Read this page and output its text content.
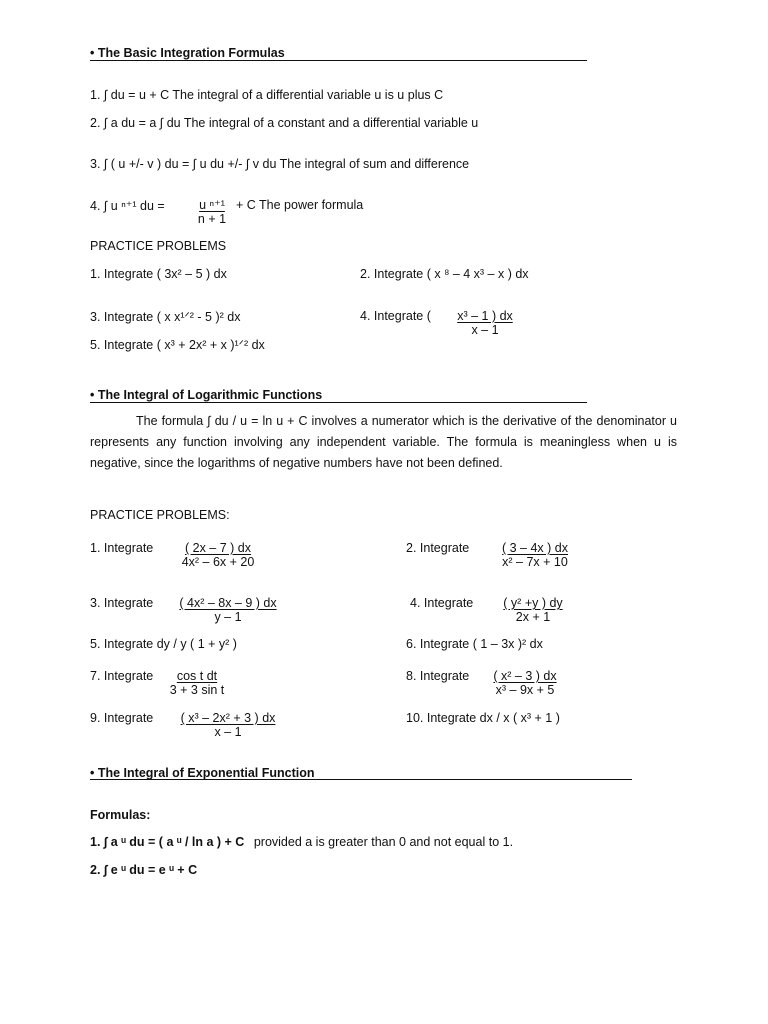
• The Basic Integration Formulas
1. ∫ du = u + C The integral of a differential variable u is u plus C
2. ∫ a du = a ∫ du The integral of a constant and a differential variable u
3. ∫ ( u +/- v ) du = ∫ u du +/- ∫ v du The integral of sum and difference
4. ∫ u ⁿ⁺¹ du = $\frac{\text{u ⁿ⁺¹}}{n + 1} + C$ The power formula
PRACTICE PROBLEMS
1. Integrate ( 3x² – 5 ) dx	2. Integrate ( x ⁸ – 4 x³ – x ) dx
3. Integrate ( x x¹ᐟ² - 5 )² dx	4. Integrate ( $\frac{\text{x³ – 1 ) dx}}{x - 1}$
5. Integrate ( x³ + 2x² + x )¹ᐟ² dx
• The Integral of Logarithmic Functions
The formula ∫ du / u = ln u + C involves a numerator which is the derivative of the denominator u represents any function involving any independent variable. The formula is meaningless when u is negative, since the logarithms of negative numbers have not been defined.
PRACTICE PROBLEMS:
1. Integrate $\frac{( 2x - 7 ) dx}{\text{4x² – 6x + 20}}$	2. Integrate $\frac{( 3 - 4x ) dx}{\text{x² – 7x + 10}}$
3. Integrate $\frac{\text{( 4x² – 8x – 9 ) dx}}{y - 1}$	4. Integrate $\frac{\text{( y² +y ) dy}}{2x + 1}$
5. Integrate dy / y ( 1 + y² )	6. Integrate ( 1 – 3x )² dx
7. Integrate $\frac{\text{cos t dt}}{\text{3 + 3 sin t}}$	8. Integrate $\frac{\text{( x² – 3 ) dx}}{\text{x³ – 9x + 5}}$
9. Integrate $\frac{\text{( x³ – 2x² + 3 ) dx}}{x - 1}$	10. Integrate dx / x ( x³ + 1 )
• The Integral of Exponential Function
Formulas:
1. ∫ a ᵘ du = ( a ᵘ / ln a ) + C provided a is greater than 0 and not equal to 1.
2. ∫ e ᵘ du = e ᵘ + C
